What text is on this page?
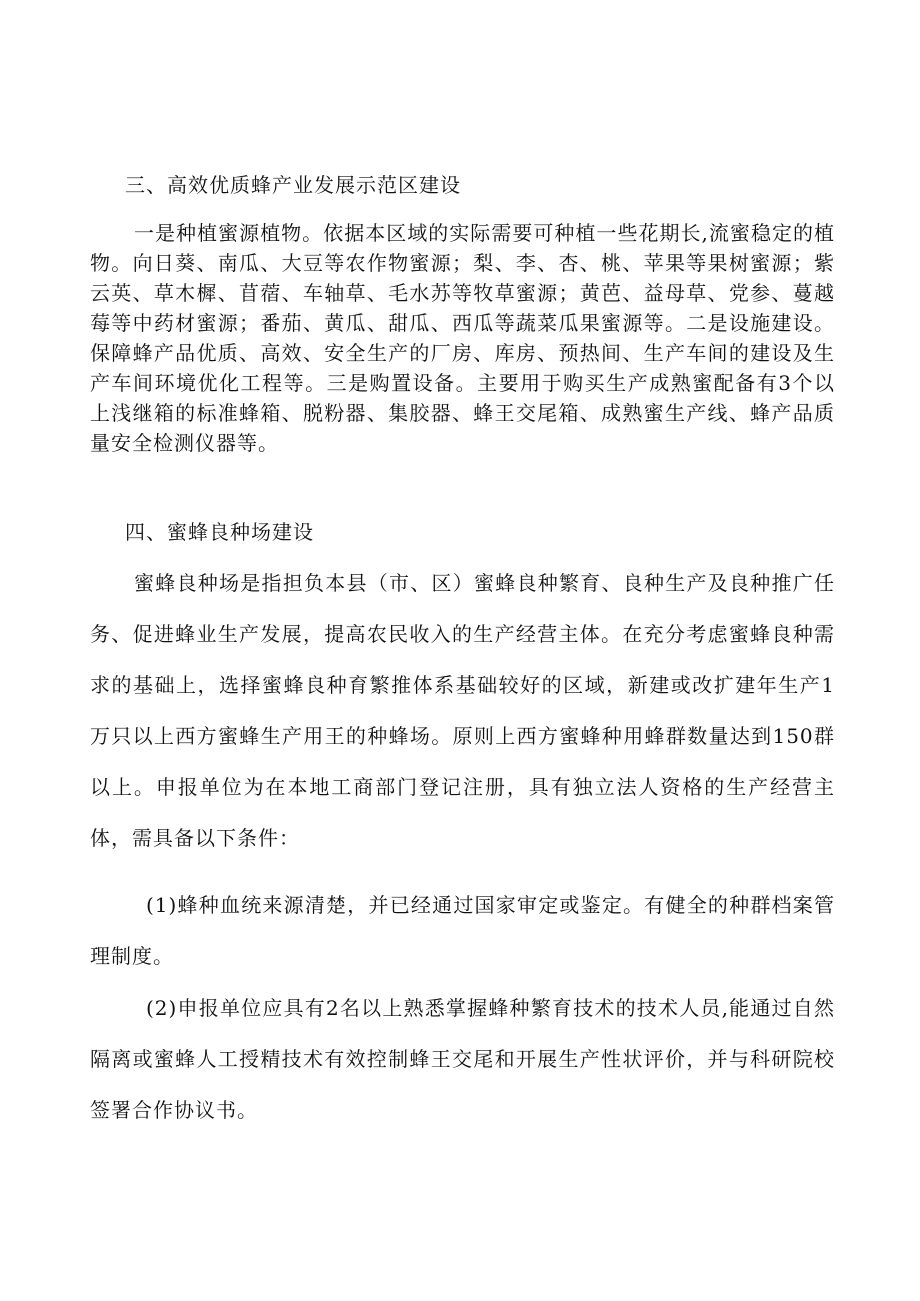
三、高效优质蜂产业发展示范区建设

一是种植蜜源植物。依据本区域的实际需要可种植一些花期长,流蜜稳定的植物。向日葵、南瓜、大豆等农作物蜜源；梨、李、杏、桃、苹果等果树蜜源；紫云英、草木樨、苜蓿、车轴草、毛水苏等牧草蜜源；黄芭、益母草、党参、蔓越莓等中药材蜜源；番茄、黄瓜、甜瓜、西瓜等蔬菜瓜果蜜源等。二是设施建设。保障蜂产品优质、高效、安全生产的厂房、库房、预热间、生产车间的建设及生产车间环境优化工程等。三是购置设备。主要用于购买生产成熟蜜配备有3个以上浅继箱的标准蜂箱、脱粉器、集胶器、蜂王交尾箱、成熟蜜生产线、蜂产品质量安全检测仪器等。

四、蜜蜂良种场建设

蜜蜂良种场是指担负本县（市、区）蜜蜂良种繁育、良种生产及良种推广任务、促进蜂业生产发展，提高农民收入的生产经营主体。在充分考虑蜜蜂良种需求的基础上，选择蜜蜂良种育繁推体系基础较好的区域，新建或改扩建年生产1万只以上西方蜜蜂生产用王的种蜂场。原则上西方蜜蜂种用蜂群数量达到150群以上。申报单位为在本地工商部门登记注册，具有独立法人资格的生产经营主体，需具备以下条件：

(1)蜂种血统来源清楚，并已经通过国家审定或鉴定。有健全的种群档案管理制度。

(2)申报单位应具有2名以上熟悉掌握蜂种繁育技术的技术人员,能通过自然隔离或蜜蜂人工授精技术有效控制蜂王交尾和开展生产性状评价，并与科研院校签署合作协议书。
